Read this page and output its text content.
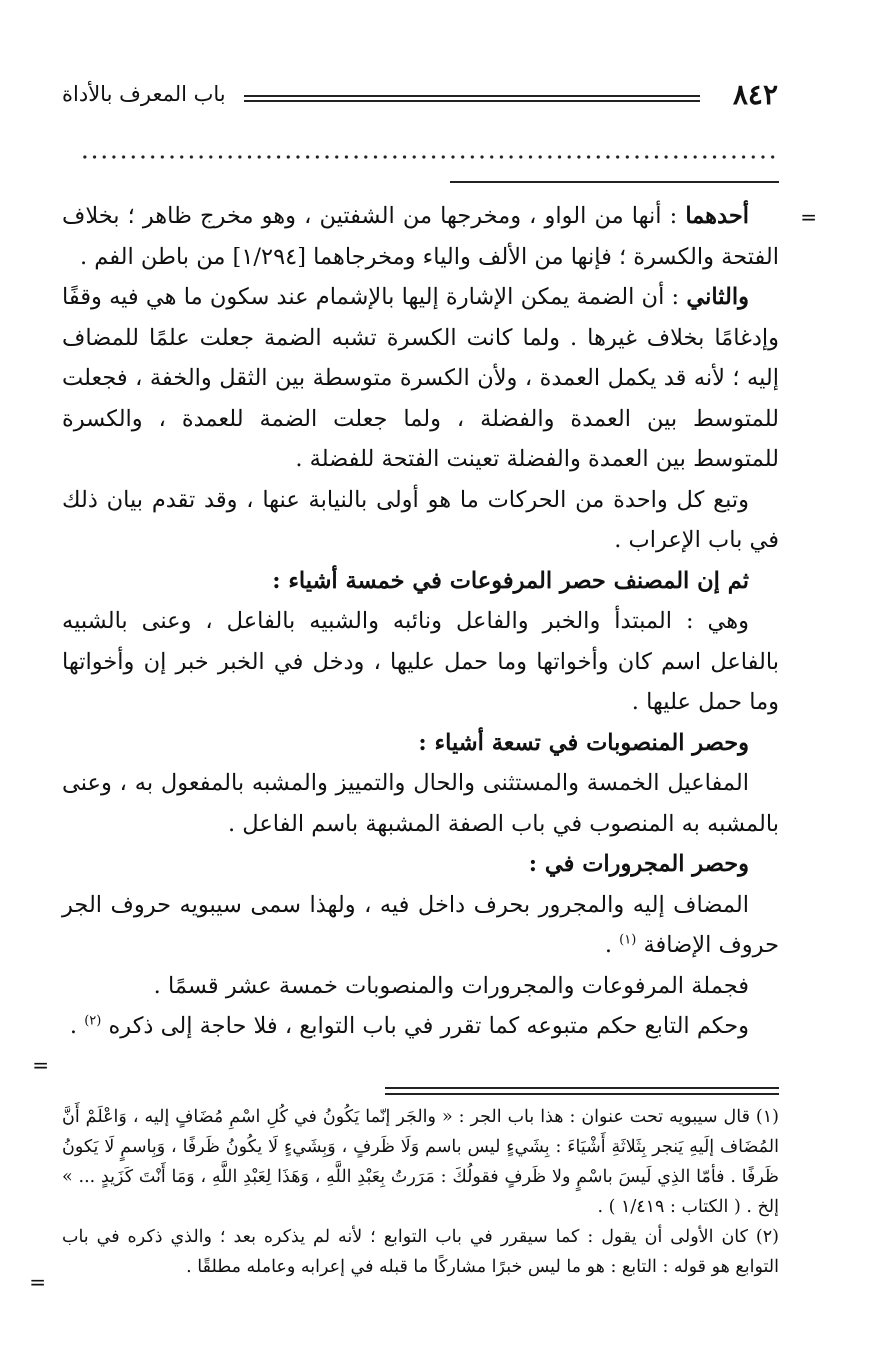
٨٤٢
باب المعرف بالأداة
=
=
=

أحدهما : أنها من الواو ، ومخرجها من الشفتين ، وهو مخرج ظاهر ؛ بخلاف الفتحة والكسرة ؛ فإنها من الألف والياء ومخرجاهما [١/٢٩٤] من باطن الفم .

والثاني : أن الضمة يمكن الإشارة إليها بالإشمام عند سكون ما هي فيه وقفًا وإدغامًا بخلاف غيرها . ولما كانت الكسرة تشبه الضمة جعلت علمًا للمضاف إليه ؛ لأنه قد يكمل العمدة ، ولأن الكسرة متوسطة بين الثقل والخفة ، فجعلت للمتوسط بين العمدة والفضلة ، ولما جعلت الضمة للعمدة ، والكسرة للمتوسط بين العمدة والفضلة تعينت الفتحة للفضلة .

وتبع كل واحدة من الحركات ما هو أولى بالنيابة عنها ، وقد تقدم بيان ذلك في باب الإعراب .

ثم إن المصنف حصر المرفوعات في خمسة أشياء :

وهي : المبتدأ والخبر والفاعل ونائبه والشبيه بالفاعل ، وعنى بالشبيه بالفاعل اسم كان وأخواتها وما حمل عليها ، ودخل في الخبر خبر إن وأخواتها وما حمل عليها .

وحصر المنصوبات في تسعة أشياء :

المفاعيل الخمسة والمستثنى والحال والتمييز والمشبه بالمفعول به ، وعنى بالمشبه به المنصوب في باب الصفة المشبهة باسم الفاعل .

وحصر المجرورات في :

المضاف إليه والمجرور بحرف داخل فيه ، ولهذا سمى سيبويه حروف الجر حروف الإضافة $^{(١)}$ .

فجملة المرفوعات والمجرورات والمنصوبات خمسة عشر قسمًا .

وحكم التابع حكم متبوعه كما تقرر في باب التوابع ، فلا حاجة إلى ذكره $^{(٢)}$ .

(١) قال سيبويه تحت عنوان : هذا باب الجر : « والجَر إنّما يَكُونُ في كُلِ اسْمِ مُضَافٍ إليه ، وَاعْلَمْ أَنَّ المُضَاف إلَيهِ يَنجر بِثَلاثَةِ أَشْيَاءَ : بِشَيءٍ ليس باسم وَلَا ظَرفٍ ، وَبِشَيءٍ لَا يكُونُ ظَرفًا ، وَبِاسمٍ لَا يَكونُ ظَرفًا . فأمّا الذِي لَيسَ باسْمٍ ولا ظَرفٍ فقولُكَ : مَرَرتُ بِعَبْدِ اللَّهِ ، وَهَذَا لِعَبْدِ اللَّهِ ، وَمَا أَنْتَ كَزَيدٍ ... » إلخ . ( الكتاب : ١/٤١٩ ) .

(٢) كان الأولى أن يقول : كما سيقرر في باب التوابع ؛ لأنه لم يذكره بعد ؛ والذي ذكره في باب التوابع هو قوله : التابع : هو ما ليس خبرًا مشاركًا ما قبله في إعرابه وعامله مطلقًا .
